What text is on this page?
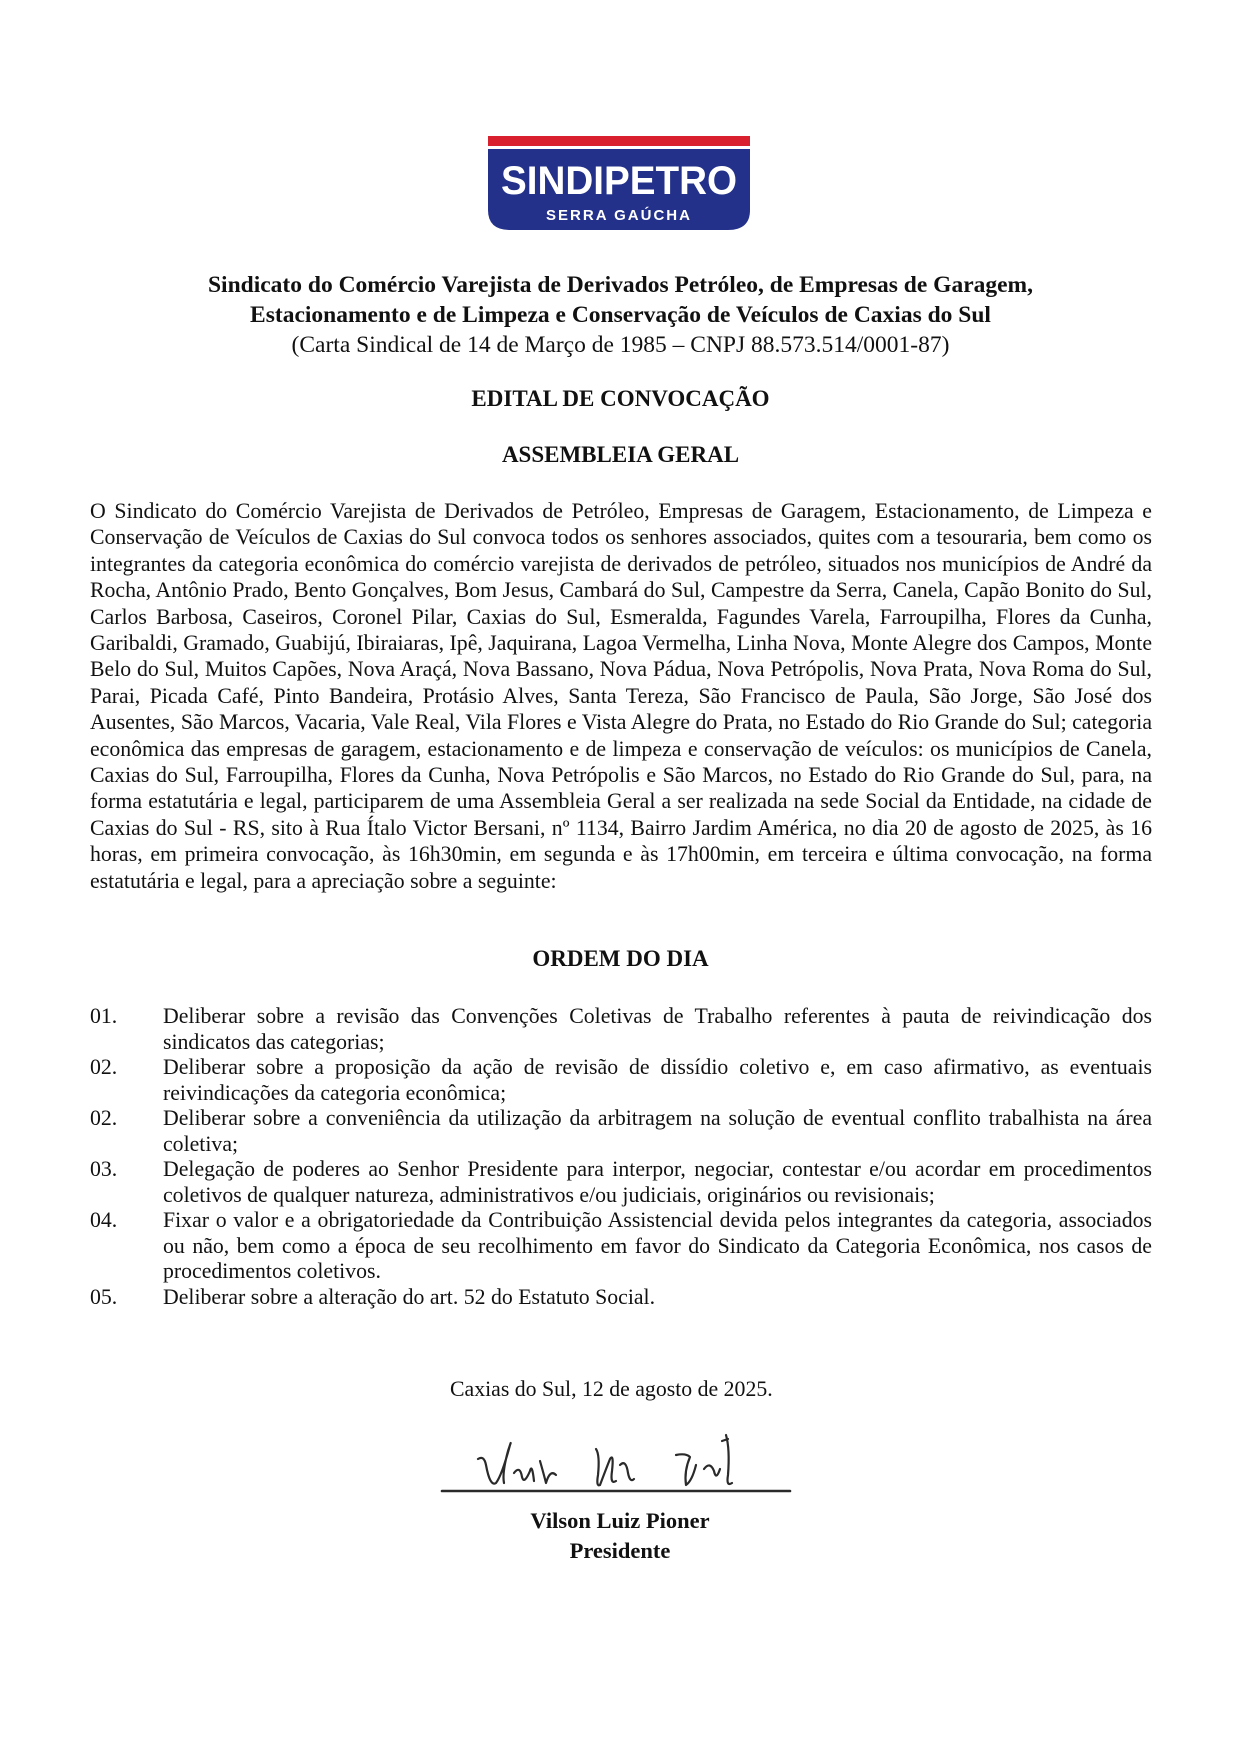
SINDIPETRO
SERRA GAÚCHA
Sindicato do Comércio Varejista de Derivados Petróleo, de Empresas de Garagem,
Estacionamento e de Limpeza e Conservação de Veículos de Caxias do Sul
(Carta Sindical de 14 de Março de 1985 – CNPJ 88.573.514/0001-87)
EDITAL DE CONVOCAÇÃO
ASSEMBLEIA GERAL
O Sindicato do Comércio Varejista de Derivados de Petróleo, Empresas de Garagem, Estacionamento, de Limpeza e Conservação de Veículos de Caxias do Sul convoca todos os senhores associados, quites com a tesouraria, bem como os integrantes da categoria econômica do comércio varejista de derivados de petróleo, situados nos municípios de André da Rocha, Antônio Prado, Bento Gonçalves, Bom Jesus, Cambará do Sul, Campestre da Serra, Canela, Capão Bonito do Sul, Carlos Barbosa, Caseiros, Coronel Pilar, Caxias do Sul, Esmeralda, Fagundes Varela, Farroupilha, Flores da Cunha, Garibaldi, Gramado, Guabijú, Ibiraiaras, Ipê, Jaquirana, Lagoa Vermelha, Linha Nova, Monte Alegre dos Campos, Monte Belo do Sul, Muitos Capões, Nova Araçá, Nova Bassano, Nova Pádua, Nova Petrópolis, Nova Prata, Nova Roma do Sul, Parai, Picada Café, Pinto Bandeira, Protásio Alves, Santa Tereza, São Francisco de Paula, São Jorge, São José dos Ausentes, São Marcos, Vacaria, Vale Real, Vila Flores e Vista Alegre do Prata, no Estado do Rio Grande do Sul; categoria econômica das empresas de garagem, estacionamento e de limpeza e conservação de veículos: os municípios de Canela, Caxias do Sul, Farroupilha, Flores da Cunha, Nova Petrópolis e São Marcos, no Estado do Rio Grande do Sul, para, na forma estatutária e legal, participarem de uma Assembleia Geral a ser realizada na sede Social da Entidade, na cidade de Caxias do Sul - RS, sito à Rua Ítalo Victor Bersani, nº 1134, Bairro Jardim América, no dia 20 de agosto de 2025, às 16 horas, em primeira convocação, às 16h30min, em segunda e às 17h00min, em terceira e última convocação, na forma estatutária e legal, para a apreciação sobre a seguinte:
ORDEM DO DIA
01.	Deliberar sobre a revisão das Convenções Coletivas de Trabalho referentes à pauta de reivindicação dos sindicatos das categorias;
02.	Deliberar sobre a proposição da ação de revisão de dissídio coletivo e, em caso afirmativo, as eventuais reivindicações da categoria econômica;
02.	Deliberar sobre a conveniência da utilização da arbitragem na solução de eventual conflito trabalhista na área coletiva;
03.	Delegação de poderes ao Senhor Presidente para interpor, negociar, contestar e/ou acordar em procedimentos coletivos de qualquer natureza, administrativos e/ou judiciais, originários ou revisionais;
04.	Fixar o valor e a obrigatoriedade da Contribuição Assistencial devida pelos integrantes da categoria, associados ou não, bem como a época de seu recolhimento em favor do Sindicato da Categoria Econômica, nos casos de procedimentos coletivos.
05.	Deliberar sobre a alteração do art. 52 do Estatuto Social.
Caxias do Sul, 12 de agosto de 2025.
Vilson Luiz Pioner
Presidente
